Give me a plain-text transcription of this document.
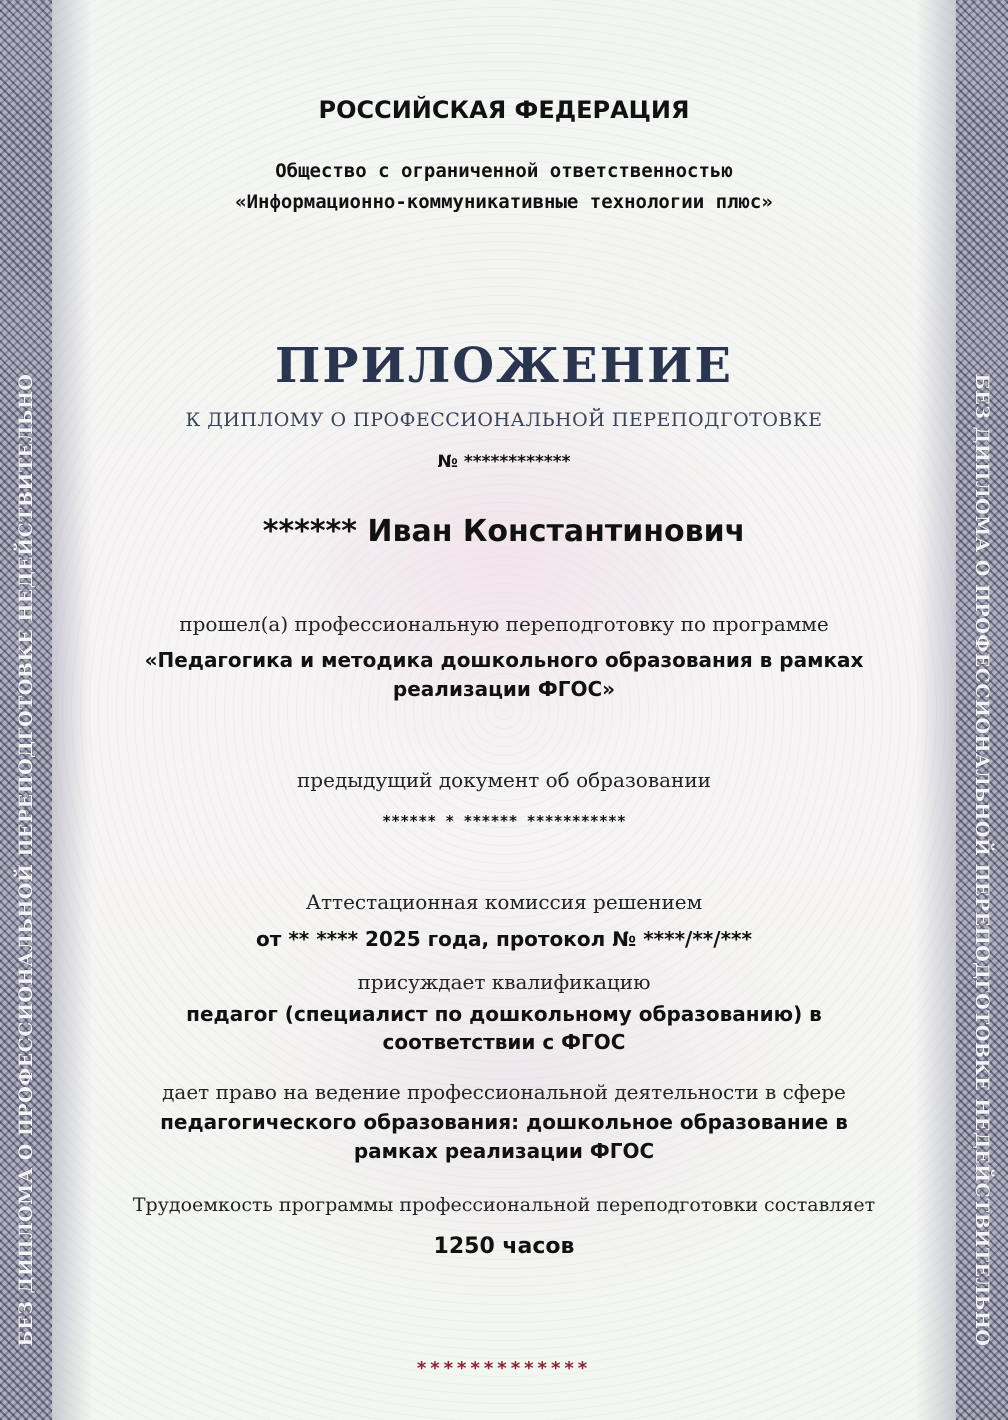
БЕЗ ДИПЛОМА О ПРОФЕССИОНАЛЬНОЙ ПЕРЕПОДГОТОВКЕ НЕДЕЙСТВИТЕЛЬНО	БЕЗ ДИПЛОМА О ПРОФЕССИОНАЛЬНОЙ ПЕРЕПОДГОТОВКЕ НЕДЕЙСТВИТЕЛЬНО
РОССИЙСКАЯ ФЕДЕРАЦИЯ
Общество с ограниченной ответственностью
«Информационно-коммуникативные технологии плюс»
ПРИЛОЖЕНИЕ
К ДИПЛОМУ О ПРОФЕССИОНАЛЬНОЙ ПЕРЕПОДГОТОВКЕ
№ ************
****** Иван Константинович
прошел(а) профессиональную переподготовку по программе
«Педагогика и методика дошкольного образования в рамках
реализации ФГОС»
предыдущий документ об образовании
****** * ****** ***********
Аттестационная комиссия решением
от ** **** 2025 года, протокол № ****/**/***
присуждает квалификацию
педагог (специалист по дошкольному образованию) в
соответствии с ФГОС
дает право на ведение профессиональной деятельности в сфере
педагогического образования: дошкольное образование в
рамках реализации ФГОС
Трудоемкость программы профессиональной переподготовки составляет
1250 часов
*************
